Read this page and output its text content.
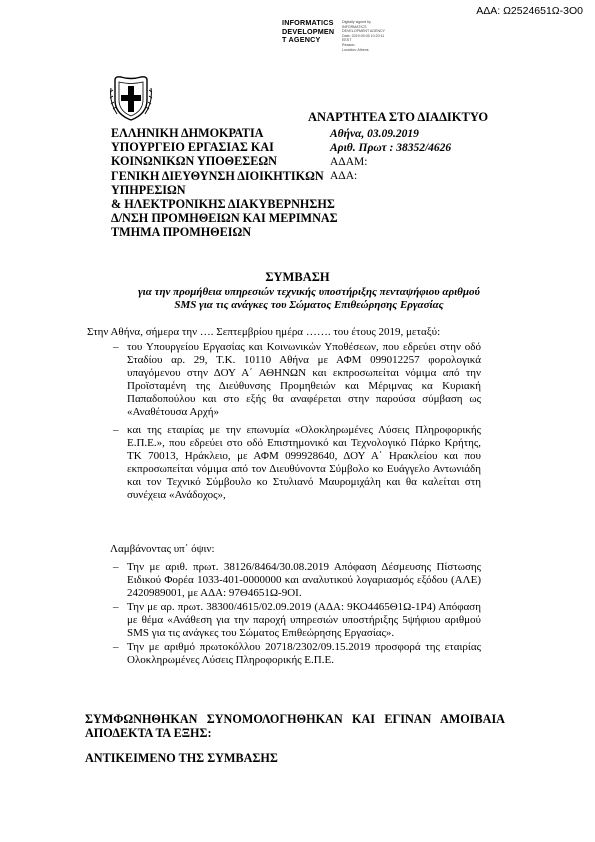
ΑΔΑ: Ω2524651Ω-3Ο0
INFORMATICS
DEVELOPMEN
T AGENCY
Digitally signed by
INFORMATICS
DEVELOPMENT AGENCY
Date: 2019.09.05 10:20:11
EEST
Reason:
Location: Athens
ΕΛΛΗΝΙΚΗ ΔΗΜΟΚΡΑΤΙΑ
ΥΠΟΥΡΓΕΙΟ ΕΡΓΑΣΙΑΣ ΚΑΙ
ΚΟΙΝΩΝΙΚΩΝ ΥΠΟΘΕΣΕΩΝ
ΓΕΝΙΚΗ ΔΙΕΥΘΥΝΣΗ ΔΙΟΙΚΗΤΙΚΩΝ
ΥΠΗΡΕΣΙΩΝ
& ΗΛΕΚΤΡΟΝΙΚΗΣ ΔΙΑΚΥΒΕΡΝΗΣΗΣ
Δ/ΝΣΗ ΠΡΟΜΗΘΕΙΩΝ ΚΑΙ ΜΕΡΙΜΝΑΣ
ΤΜΗΜΑ ΠΡΟΜΗΘΕΙΩΝ
ΑΝΑΡΤΗΤΕΑ ΣΤΟ ΔΙΑΔΙΚΤΥΟ
Αθήνα, 03.09.2019
Αριθ. Πρωτ : 38352/4626
ΑΔΑΜ:
ΑΔΑ:
ΣΥΜΒΑΣΗ
για την προμήθεια υπηρεσιών τεχνικής υποστήριξης πενταψήφιου αριθμού
SMS για τις ανάγκες του Σώματος Επιθεώρησης Εργασίας
Στην Αθήνα, σήμερα την …. Σεπτεμβρίου ημέρα ……. του έτους 2019, μεταξύ:
– του Υπουργείου Εργασίας και Κοινωνικών Υποθέσεων, που εδρεύει στην οδό Σταδίου αρ. 29, Τ.Κ. 10110 Αθήνα με ΑΦΜ 099012257 φορολογικά υπαγόμενου στην ΔΟΥ Α΄ ΑΘΗΝΩΝ και εκπροσωπείται νόμιμα από την Προϊσταμένη της Διεύθυνσης Προμηθειών και Μέριμνας κα Κυριακή Παπαδοπούλου και στο εξής θα αναφέρεται στην παρούσα σύμβαση ως «Αναθέτουσα Αρχή»
– και της εταιρίας με την επωνυμία «Ολοκληρωμένες Λύσεις Πληροφορικής Ε.Π.Ε.», που εδρεύει στο οδό Επιστημονικό και Τεχνολογικό Πάρκο Κρήτης, ΤΚ 70013, Ηράκλειο, με ΑΦΜ 099928640, ΔΟΥ Α΄ Ηρακλείου και που εκπροσωπείται νόμιμα από τον Διευθύνοντα Σύμβολο κο Ευάγγελο Αντωνιάδη και τον Τεχνικό Σύμβουλο κο Στυλιανό Μαυρομιχάλη και θα καλείται στη συνέχεια «Ανάδοχος»,
Λαμβάνοντας υπ΄ όψιν:
– Την με αριθ. πρωτ. 38126/8464/30.08.2019 Απόφαση Δέσμευσης Πίστωσης Ειδικού Φορέα 1033-401-0000000 και αναλυτικού λογαριασμός εξόδου (ΑΛΕ) 2420989001, με ΑΔΑ: 97Θ4651Ω-9ΟΙ.
– Την με αρ. πρωτ. 38300/4615/02.09.2019 (ΑΔΑ: 9ΚΟ4465Θ1Ω-1Ρ4) Απόφαση με θέμα «Ανάθεση για την παροχή υπηρεσιών υποστήριξης 5ψήφιου αριθμού SMS για τις ανάγκες του Σώματος Επιθεώρησης Εργασίας».
– Την με αριθμό πρωτοκόλλου 20718/2302/09.15.2019 προσφορά της εταιρίας Ολοκληρωμένες Λύσεις Πληροφορικής Ε.Π.Ε.
ΣΥΜΦΩΝΗΘΗΚΑΝ ΣΥΝΟΜΟΛΟΓΗΘΗΚΑΝ ΚΑΙ ΕΓΙΝΑΝ ΑΜΟΙΒΑΙΑ
ΑΠΟΔΕΚΤΑ ΤΑ ΕΞΗΣ:
ΑΝΤΙΚΕΙΜΕΝΟ ΤΗΣ ΣΥΜΒΑΣΗΣ
